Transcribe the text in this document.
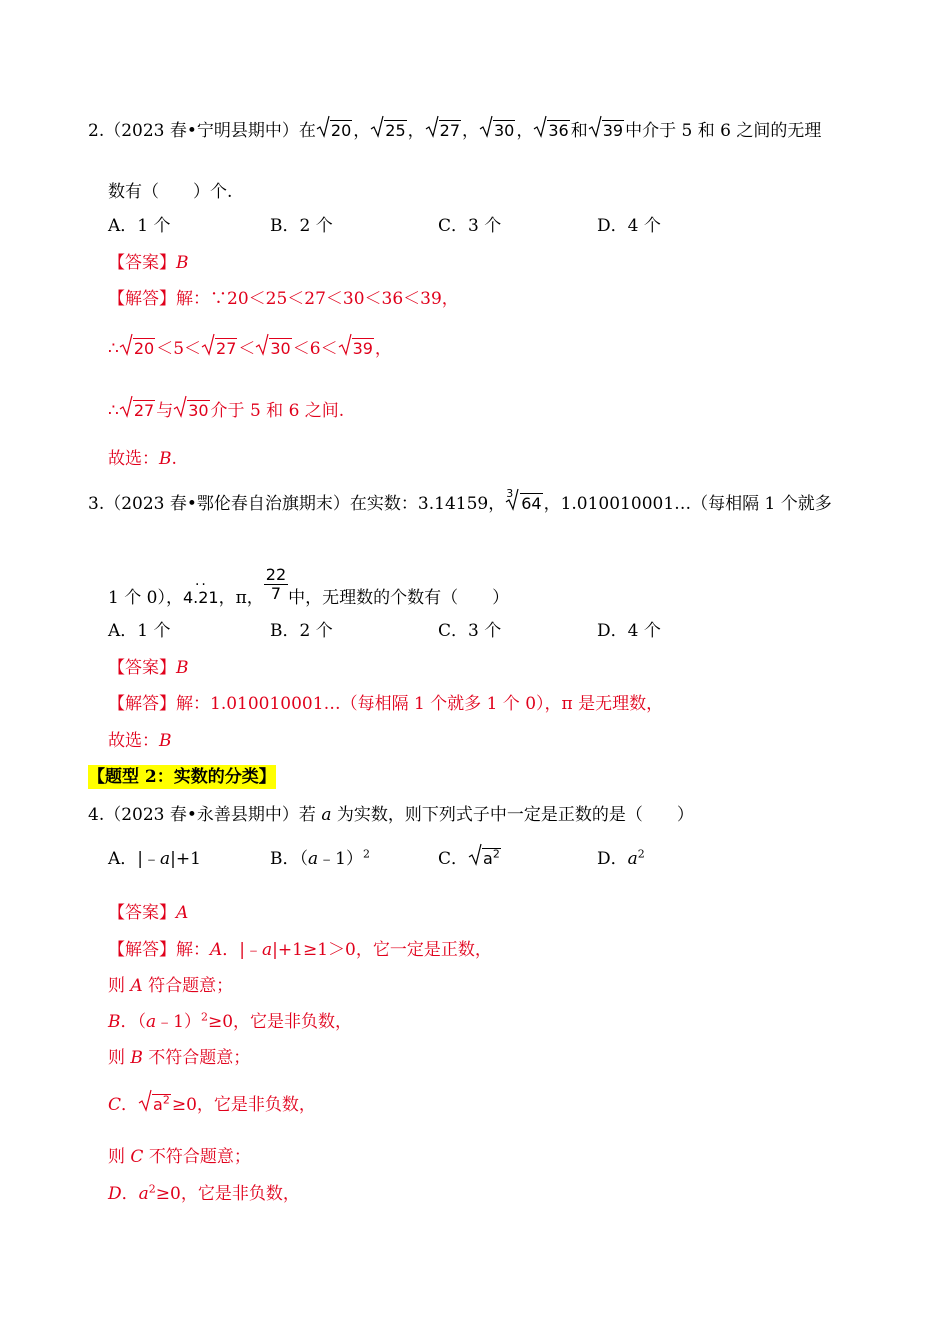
2.（2023 春•宁明县期中）在 20 ， 25 ， 27 ， 30 ， 36 和 39 中介于 5 和 6 之间的无理
数有（　　）个.
A．1 个	B．2 个	C．3 个	D．4 个
【答案】B
【解答】解：∵20＜25＜27＜30＜36＜39，
∴ 20 ＜5＜ 27 ＜ 30 ＜6＜ 39 ，
∴ 27 与 30 介于 5 和 6 之间.
故选：B.
3.（2023 春•鄂伦春自治旗期末）在实数：3.14159，
3
64 ，1.010010001…（每相隔 1 个就多
1 个 0），
··
4.21，π， $\frac{22}{7}$ 中，无理数的个数有（　　）
A．1 个	B．2 个	C．3 个	D．4 个
【答案】B
【解答】解：1.010010001…（每相隔 1 个就多 1 个 0），π 是无理数，
故选：B
【题型 2：实数的分类】
4.（2023 春•永善县期中）若 a 为实数，则下列式子中一定是正数的是（　　）
A．|﹣a|+1	B．（a﹣1）$^2$	C． $a^2$	D．$a^2$
【答案】A
【解答】解：A．|﹣a|+1≥1＞0，它一定是正数，
则 A 符合题意；
B．（a﹣1）$^2$≥0，它是非负数，
则 B 不符合题意；
C． $a^2 \ge 0$，它是非负数，
则 C 不符合题意；
D．$a^2\ge 0$，它是非负数，
